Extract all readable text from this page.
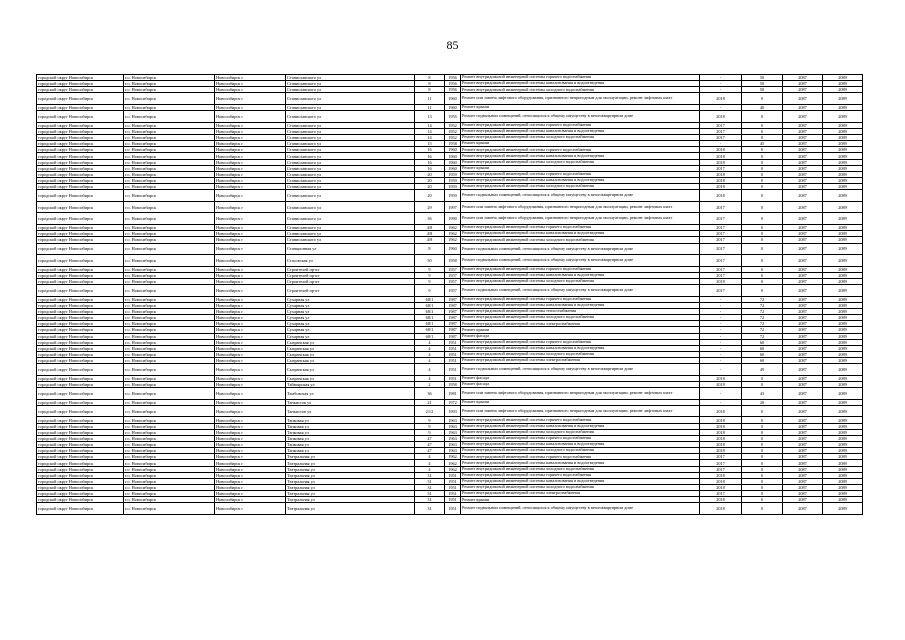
85
городской округ Новосибирск	г.о. Новосибирск	Новосибирск г	Станиславского ул	8	1956	Ремонт внутридомовой инженерной системы горячего водоснабжения	-	50	2087	2089
городской округ Новосибирск	г.о. Новосибирск	Новосибирск г	Станиславского ул	8	1956	Ремонт внутридомовой инженерной системы канализования и водоотведения	-	50	2087	2089
городской округ Новосибирск	г.о. Новосибирск	Новосибирск г	Станиславского ул	8	1956	Ремонт внутридомовой инженерной системы холодного водоснабжения	-	50	2087	2089
городской округ Новосибирск	г.о. Новосибирск	Новосибирск г	Станиславского ул	11	1960	Ремонт или замена лифтового оборудования, признанного непригодным для эксплуатации, ремонт лифтовых шахт	2018	0	2087	2089
городской округ Новосибирск	г.о. Новосибирск	Новосибирск г	Станиславского ул	11	1960	Ремонт крыши	-	40	2087	2089
городской округ Новосибирск	г.о. Новосибирск	Новосибирск г	Станиславского ул	13	1955	Ремонт подвальных помещений, относящихся к общему имуществу в многоквартирном доме	2018	0	2087	2089
городской округ Новосибирск	г.о. Новосибирск	Новосибирск г	Станиславского ул	14	1952	Ремонт внутридомовой инженерной системы горячего водоснабжения	2017	0	2087	2089
городской округ Новосибирск	г.о. Новосибирск	Новосибирск г	Станиславского ул	14	1952	Ремонт внутридомовой инженерной системы канализования и водоотведения	2017	0	2087	2089
городской округ Новосибирск	г.о. Новосибирск	Новосибирск г	Станиславского ул	14	1952	Ремонт внутридомовой инженерной системы холодного водоснабжения	2017	0	2087	2089
городской округ Новосибирск	г.о. Новосибирск	Новосибирск г	Станиславского ул	15	1958	Ремонт крыши	-	45	2087	2089
городской округ Новосибирск	г.о. Новосибирск	Новосибирск г	Станиславского ул	16	1960	Ремонт внутридомовой инженерной системы горячего водоснабжения	2018	0	2087	2089
городской округ Новосибирск	г.о. Новосибирск	Новосибирск г	Станиславского ул	16	1960	Ремонт внутридомовой инженерной системы канализования и водоотведения	2018	0	2087	2089
городской округ Новосибирск	г.о. Новосибирск	Новосибирск г	Станиславского ул	16	1960	Ремонт внутридомовой инженерной системы холодного водоснабжения	2018	0	2087	2089
городской округ Новосибирск	г.о. Новосибирск	Новосибирск г	Станиславского ул	16	1960	Ремонт крыши	2017	0	2087	2089
городской округ Новосибирск	г.о. Новосибирск	Новосибирск г	Станиславского ул	20	1959	Ремонт внутридомовой инженерной системы горячего водоснабжения	2018	0	2087	2089
городской округ Новосибирск	г.о. Новосибирск	Новосибирск г	Станиславского ул	20	1959	Ремонт внутридомовой инженерной системы канализования и водоотведения	2018	0	2087	2089
городской округ Новосибирск	г.о. Новосибирск	Новосибирск г	Станиславского ул	20	1959	Ремонт внутридомовой инженерной системы холодного водоснабжения	2018	0	2087	2089
городской округ Новосибирск	г.о. Новосибирск	Новосибирск г	Станиславского ул	20	1959	Ремонт подвальных помещений, относящихся к общему имуществу в многоквартирном доме	2018	0	2087	2089
городской округ Новосибирск	г.о. Новосибирск	Новосибирск г	Станиславского ул	29	1997	Ремонт или замена лифтового оборудования, признанного непригодным для эксплуатации, ремонт лифтовых шахт	2017	0	2087	2089
городской округ Новосибирск	г.о. Новосибирск	Новосибирск г	Станиславского ул	36	1990	Ремонт или замена лифтового оборудования, признанного непригодным для эксплуатации, ремонт лифтовых шахт	2017	0	2087	2089
городской округ Новосибирск	г.о. Новосибирск	Новосибирск г	Станиславского ул	4/8	1962	Ремонт внутридомовой инженерной системы горячего водоснабжения	2017	0	2087	2089
городской округ Новосибирск	г.о. Новосибирск	Новосибирск г	Станиславского ул	4/8	1962	Ремонт внутридомовой инженерной системы канализования и водоотведения	2017	0	2087	2089
городской округ Новосибирск	г.о. Новосибирск	Новосибирск г	Станиславского ул	4/8	1962	Ремонт внутридомовой инженерной системы холодного водоснабжения	2017	0	2087	2089
городской округ Новосибирск	г.о. Новосибирск	Новосибирск г	Станционная ул	8	1960	Ремонт подвальных помещений, относящихся к общему имуществу в многоквартирном доме	2017	0	2087	2089
городской округ Новосибирск	г.о. Новосибирск	Новосибирск г	Стасовская ул	50	1958	Ремонт подвальных помещений, относящихся к общему имуществу в многоквартирном доме	2017	0	2087	2089
городской округ Новосибирск	г.о. Новосибирск	Новосибирск г	Строителей пр-кт	9	1957	Ремонт внутридомовой инженерной системы горячего водоснабжения	2017	0	2087	2089
городской округ Новосибирск	г.о. Новосибирск	Новосибирск г	Строителей пр-кт	9	1957	Ремонт внутридомовой инженерной системы канализования и водоотведения	2017	0	2087	2089
городской округ Новосибирск	г.о. Новосибирск	Новосибирск г	Строителей пр-кт	9	1957	Ремонт внутридомовой инженерной системы холодного водоснабжения	2018	0	2087	2089
городской округ Новосибирск	г.о. Новосибирск	Новосибирск г	Строителей пр-кт	9	1957	Ремонт подвальных помещений, относящихся к общему имуществу в многоквартирном доме	2017	0	2087	2089
городской округ Новосибирск	г.о. Новосибирск	Новосибирск г	Сухарная ул	68/1	1987	Ремонт внутридомовой инженерной системы горячего водоснабжения	-	72	2087	2089
городской округ Новосибирск	г.о. Новосибирск	Новосибирск г	Сухарная ул	68/1	1987	Ремонт внутридомовой инженерной системы канализования и водоотведения	-	72	2087	2089
городской округ Новосибирск	г.о. Новосибирск	Новосибирск г	Сухарная ул	68/1	1987	Ремонт внутридомовой инженерной системы теплоснабжения	-	72	2087	2089
городской округ Новосибирск	г.о. Новосибирск	Новосибирск г	Сухарная ул	68/1	1987	Ремонт внутридомовой инженерной системы холодного водоснабжения	-	72	2087	2089
городской округ Новосибирск	г.о. Новосибирск	Новосибирск г	Сухарная ул	68/1	1987	Ремонт внутридомовой инженерной системы электроснабжения	-	72	2087	2089
городской округ Новосибирск	г.о. Новосибирск	Новосибирск г	Сухарная ул	68/1	1987	Ремонт крыши	-	72	2087	2089
городской округ Новосибирск	г.о. Новосибирск	Новосибирск г	Сухарная ул	68/1	1987	Ремонт фасада	-	72	2087	2089
городской округ Новосибирск	г.о. Новосибирск	Новосибирск г	Сызранская ул	4	1951	Ремонт внутридомовой инженерной системы горячего водоснабжения	-	60	2087	2089
городской округ Новосибирск	г.о. Новосибирск	Новосибирск г	Сызранская ул	4	1951	Ремонт внутридомовой инженерной системы канализования и водоотведения	-	60	2087	2089
городской округ Новосибирск	г.о. Новосибирск	Новосибирск г	Сызранская ул	4	1951	Ремонт внутридомовой инженерной системы холодного водоснабжения	-	60	2087	2089
городской округ Новосибирск	г.о. Новосибирск	Новосибирск г	Сызранская ул	4	1951	Ремонт внутридомовой инженерной системы электроснабжения	-	60	2087	2089
городской округ Новосибирск	г.о. Новосибирск	Новосибирск г	Сызранская ул	4	1951	Ремонт подвальных помещений, относящихся к общему имуществу в многоквартирном доме	-	49	2087	2089
городской округ Новосибирск	г.о. Новосибирск	Новосибирск г	Сызранская ул	4	1951	Ремонт фасада	2018	0	2087	2089
городской округ Новосибирск	г.о. Новосибирск	Новосибирск г	Таймырская ул	2	1958	Ремонт фасада	2018	0	2087	2089
городской округ Новосибирск	г.о. Новосибирск	Новосибирск г	Тамбовская ул	36	1981	Ремонт или замена лифтового оборудования, признанного непригодным для эксплуатации, ремонт лифтовых шахт	-	43	2087	2089
городской округ Новосибирск	г.о. Новосибирск	Новосибирск г	Танкистов ул	21	1972	Ремонт крыши	-	20	2087	2089
городской округ Новосибирск	г.о. Новосибирск	Новосибирск г	Танкистов ул	21/2	1993	Ремонт или замена лифтового оборудования, признанного непригодным для эксплуатации, ремонт лифтовых шахт	2018	0	2087	2089
городской округ Новосибирск	г.о. Новосибирск	Новосибирск г	Тапковая ул	9	1963	Ремонт внутридомовой инженерной системы горячего водоснабжения	2018	0	2087	2089
городской округ Новосибирск	г.о. Новосибирск	Новосибирск г	Тапковая ул	9	1963	Ремонт внутридомовой инженерной системы канализования и водоотведения	2018	0	2087	2089
городской округ Новосибирск	г.о. Новосибирск	Новосибирск г	Тапковая ул	9	1963	Ремонт внутридомовой инженерной системы холодного водоснабжения	2018	0	2087	2089
городской округ Новосибирск	г.о. Новосибирск	Новосибирск г	Тапковая ул	47	1963	Ремонт внутридомовой инженерной системы горячего водоснабжения	2018	0	2087	2089
городской округ Новосибирск	г.о. Новосибирск	Новосибирск г	Тапковая ул	47	1963	Ремонт внутридомовой инженерной системы канализования и водоотведения	2018	0	2087	2089
городской округ Новосибирск	г.о. Новосибирск	Новосибирск г	Тапковая ул	47	1963	Ремонт внутридомовой инженерной системы холодного водоснабжения	2018	0	2087	2089
городской округ Новосибирск	г.о. Новосибирск	Новосибирск г	Театральная ул	4	1962	Ремонт внутридомовой инженерной системы горячего водоснабжения	2017	0	2087	2089
городской округ Новосибирск	г.о. Новосибирск	Новосибирск г	Театральная ул	4	1962	Ремонт внутридомовой инженерной системы канализования и водоотведения	2017	0	2087	2089
городской округ Новосибирск	г.о. Новосибирск	Новосибирск г	Театральная ул	4	1962	Ремонт внутридомовой инженерной системы холодного водоснабжения	2017	0	2087	2089
городской округ Новосибирск	г.о. Новосибирск	Новосибирск г	Театральная ул	31	1951	Ремонт внутридомовой инженерной системы горячего водоснабжения	2018	0	2087	2089
городской округ Новосибирск	г.о. Новосибирск	Новосибирск г	Театральная ул	31	1951	Ремонт внутридомовой инженерной системы канализования и водоотведения	2018	0	2087	2089
городской округ Новосибирск	г.о. Новосибирск	Новосибирск г	Театральная ул	31	1951	Ремонт внутридомовой инженерной системы холодного водоснабжения	2018	0	2087	2089
городской округ Новосибирск	г.о. Новосибирск	Новосибирск г	Театральная ул	31	1951	Ремонт внутридомовой инженерной системы электроснабжения	2017	0	2087	2089
городской округ Новосибирск	г.о. Новосибирск	Новосибирск г	Театральная ул	31	1951	Ремонт крыши	2018	0	2087	2089
городской округ Новосибирск	г.о. Новосибирск	Новосибирск г	Театральная ул	31	1951	Ремонт подвальных помещений, относящихся к общему имуществу в многоквартирном доме	2018	0	2087	2089
